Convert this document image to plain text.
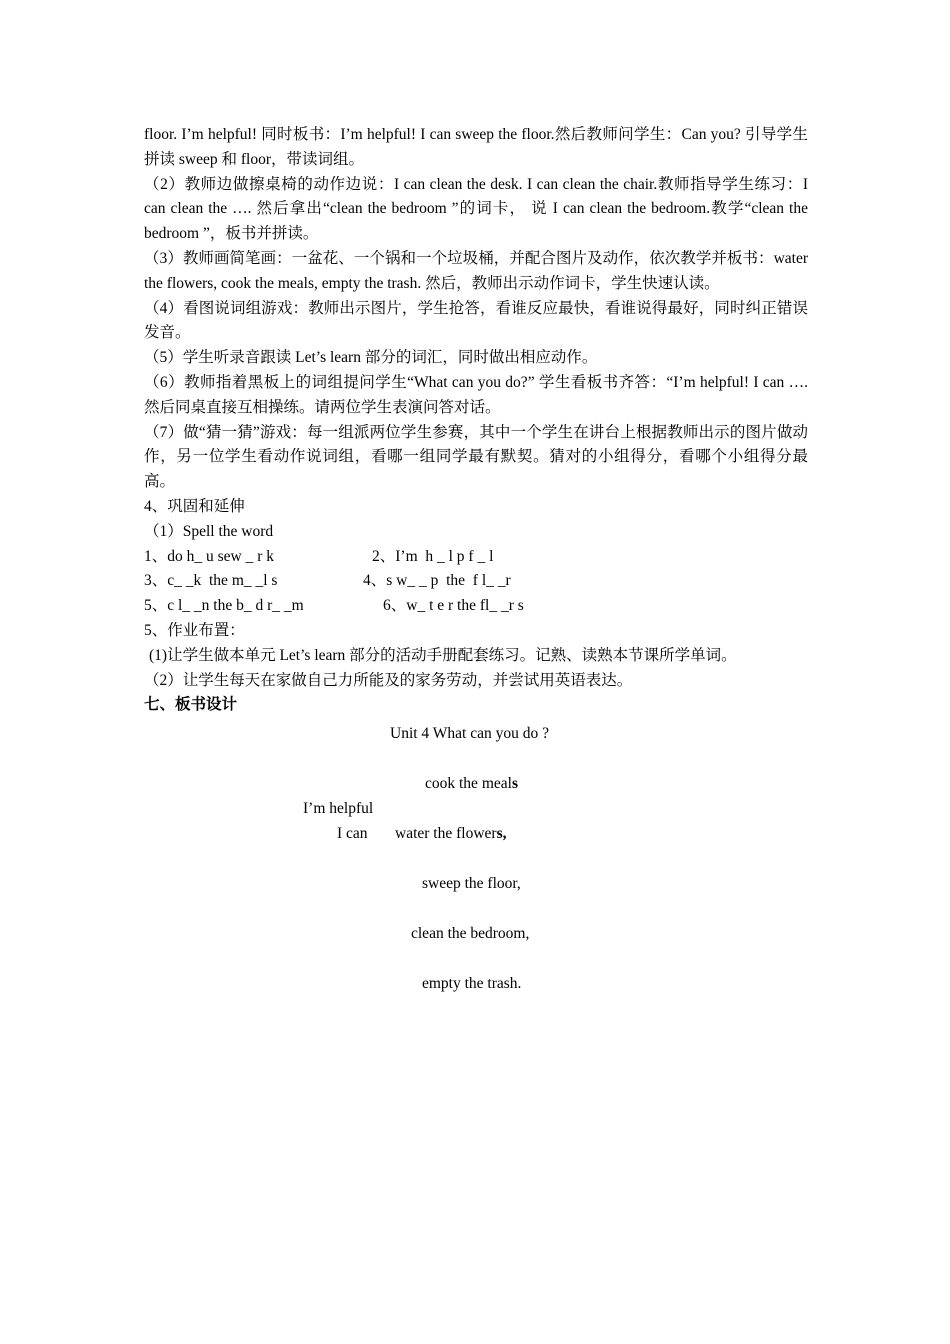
floor. I’m helpful! 同时板书：I’m helpful! I can sweep the floor.然后教师问学生：Can you? 引导学生拼读 sweep 和 floor，带读词组。

（2）教师边做擦桌椅的动作边说：I can clean the desk. I can clean the chair.教师指导学生练习：I can clean the …. 然后拿出“clean the bedroom ”的词卡， 说 I can clean the bedroom.教学“clean the bedroom ”，板书并拼读。

（3）教师画简笔画：一盆花、一个锅和一个垃圾桶，并配合图片及动作，依次教学并板书：water the flowers, cook the meals, empty the trash. 然后，教师出示动作词卡，学生快速认读。

（4）看图说词组游戏：教师出示图片，学生抢答，看谁反应最快，看谁说得最好，同时纠正错误发音。

（5）学生听录音跟读 Let’s learn 部分的词汇，同时做出相应动作。

（6）教师指着黑板上的词组提问学生“What can you do?” 学生看板书齐答：“I’m helpful! I can ….然后同桌直接互相操练。请两位学生表演问答对话。

（7）做“猜一猜”游戏：每一组派两位学生参赛，其中一个学生在讲台上根据教师出示的图片做动作，另一位学生看动作说词组，看哪一组同学最有默契。猜对的小组得分，看哪个小组得分最高。

4、巩固和延伸

（1）Spell the word

1、do h_ u sew _ r k

	2、I’m  h _ l p f _ l

3、c_ _k  the m_ _l s

	4、s w_ _ p  the  f l_ _r

5、c l_ _n the b_ d r_ _m

	6、w_ t e r the fl_ _r s

5、作业布置：

(1)让学生做本单元 Let’s learn 部分的活动手册配套练习。记熟、读熟本节课所学单词。

（2）让学生每天在家做自己力所能及的家务劳动，并尝试用英语表达。

七、板书设计

Unit 4 What can you do ?
cook the meals
I’m helpful
I can water the flowers,
sweep the floor,
clean the bedroom,
empty the trash.
